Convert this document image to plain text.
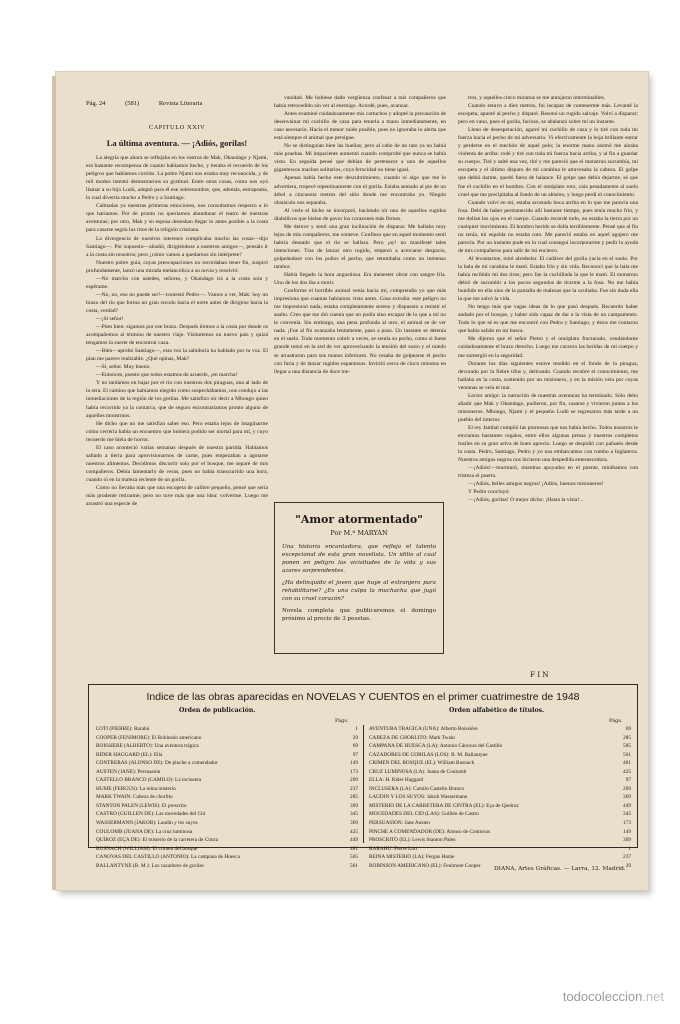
Pág. 24	(581)	Revista Literaria
CAPITULO XXIV
La última aventura. — ¡Adiós, gorilas!

La alegría que ahora se reflejaba en los rostros de Mak, Okandago y Njami, era bastante recompensa de cuanto habíamos hecho, y beraba el recuerdo de los peligros que habíamos corrido. La pobre Njami nos estaba muy reconocida, y de mil modos intentó demostrarnos su gratitud. Entre otras cosas, como nos oyó llamar a su hijo Ludú, adoptó para él ese sobrenombre, que, además, estropeaba, lo cual divertía mucho a Pedro y a Santiago.

Calmadas ya nuestras primeras emociones, nos consultamos respecto a lo que haríamos. Por de pronto no queríamos abandonar el teatro de nuestras aventuras; por otro, Mak y su esposa deseaban llegar lo antes posible a la costa para casarse según los ritos de la religión cristiana.

La divergencia de nuestros intereses complicaba mucho las cosas—dijo Santiago—. Por supuesto—añadió, dirigiéndose a nuestros amigos—, pensáis ir a la costa sin nosotros; pero ¿cómo vamos a quedarnos sin intérprete?

Nuestro pobre guía, cuyas preocupaciones no recordaban tener fin, suspiró profundamente, lanzó una mirada melancólica a su novia y resolvió:

—No marcho con ustedes, señores, y Okandago irá a la costa sola y espérame.

—No, no, eso no puede ser!—contestó Pedro—. Vamos a ver, Mak: hoy un brazo del río que forma un gran recodo hacia el norte antes de dirigirse hacia la costa, verdad?

—¡Sí señor!

—Pues bien: sigamos por ese brazo. Después iremos a la costa por donde os acompañemos al término de nuestro viaje. Visitaremos un nuevo país y quizá tengamos la suerte de encontrar caza.

—Bien—aprobó Santiago—, esta vez la sabiduría ha hablado por tu voz. El plan me parece realizable. ¿Qué opinas, Mak?

—Sí, señor. Muy bueno.

—Entonces, puesto que todos estamos de acuerdo, ¡en marcha!

Y no tardamos en bajar por el río con nuestros dos piraguas, una al lado de la otra. El camino que habíamos elegido como sospechábamos, nos condujo a las inmediaciones de la región de los gorilas. Me satisfizo oír decir a Mbongo quien había recorrido ya la comarca, que de seguro encontraríamos pronto alguno de aquellos monstruos.

He dicho que no me satisfizo saber eso. Pero estaba lejos de imaginarme cómo cerrería había un encuentro que hubiera podido ser mortal para mí, y cuyo recuerdo me hiela de horror.

El caso aconteció varias semanas después de nuestra partida. Habíamos saltado a tierra para aprovisionarnos de carne, pues empezaban a agotarse nuestros alimentos. Decidimos discurrir solo por el bosque, me separé de mis compañeros. Debía lamentarlo de veras, pues no había transcurrido una hora, cuando oí en la maleza reciente de un gorila.

Como no llevaba más que una escopeta de calibre pequeño, pensé que sería más prudente retirarme; pero no tuve más que una idea: volverme. Luego me arrastró una especie de

vanidad. Me hubiese dado vergüenza confesar a mis compañeros que había retrocedido sin ver al enemigo. Acordé, pues, avanzar.

Antes examiné cuidadosamente mis cartuchos y adopté la precaución de desenvainar mi cuchillo de caza para tenerla a mano inmediatamente, en caso necesario. Hacía el menor ruido posible, pues no ignoraba lo alerta que está siempre el animal que persigue.

No se distinguían bien las huellas; pero al cabo de un rato ya no había más pruebas. Mi impaciente aumentó cuando comprobé que nunca se había visto. En seguida pensé que debían de pertenecer a uno de aquellos gigantescos machos solitarios, cuya ferocidad no tiene igual.

Apenas había hecho este descubrimiento, cuando oí algo que me lo advertiera, tropecé repentinamente con el gorila. Estaba sentado al pie de un árbol a cincuenta metros del sitio donde me encontraba yo. Ningún obstáculo nos separaba.

Al verle el bicho se incorporó, haciendo oír uno de aquellos rugidos diabólicos que hielan de pavor los corazones más firmes.

Me detuve y sentí una gran inclinación de disparar. Me hallaba muy lejos de mis compañeros, me conteve. Confieso que en aquel momento sentí habría deseado que el río se hallara. Pero ¡ay! no manifesté tales intenciones. Tras de lanzar otro rugido, empezó a acercarse despacio, golpeándose con los puños el pecho, que retumbaba como un inmenso tambor.

Había llegado la hora angustiosa. Era menester obrar con sangre fría. Uno de los dos iba a morir.

Conforme el horrible animal venía hacia mí, comprendía yo que más impresiona que cuantas habíamos visto antes. Cosa extraña: este peligro no me impresionó nada; estaba completamente sereno y dispuesto a resistir el asalto. Creo que me dió cuenta que no podía sino escapar de lo que a mí no le convenía. Sin embargo, una pena profunda al otro, el animal se de ver nada. ¡Fue al fin avanzaba lentamente, paso a paso. Un instante se detenía en el suelo. Todo momento cubrir a veces, se sentía su pecho, como si fuese grande tomó en la sed de ver aprovechando la tensión del susto y el miedo se arrastraron para sus manos inferiores. No cesaba de golpearse el pecho con furia y de lanzar rugidos espantosos. Invirtió cerca de cinco minutos en llegar a una distancia de doce me-

"Amor atormentado"
Por M.ª MARYAN
Una historia encantadora, que refleja el talento excepcional de esta gran novelista. Un idilio al cual ponen en peligro las vicisitudes de la vida y sus azares sorprendentes.
¿Ha delinquido el joven que huye al extranjero para rehabilitarse? ¿Es una culpa la muchacha que jugó con su cruel corazón?
Novela completa que publicaremos el domingo próximo al precio de 3 pesetas.

tros, y aquellos cinco minutos se me antojaron interminables.

Cuando estuvo a diez metros, fui incapaz de contenerme más. Levanté la escopeta, apunté al pecho y disparé. Resonó un rugido salvaje. Volví a disparar; pero en vano, pues el gorila, furioso, se abalanzó sobre mí un instante.

Lleno de desesperación, agarré mi cuchillo de caza y lo tiré con toda mi fuerza hacia el pecho de mi adversario. Vi efectivamente la hoja brillante entrar y perderse en el mechón de aquel pelo; la enorme mano asomó me alzaba violenta de arriba: rodé y tiré con toda mi fuerza hacia arriba, y al fin a guardar su cuerpo. Tiré y salté una vez, tiré y me pareció que el monstruo sucumbía, mi escopeta y el último disparo de mi carabina le atravesaba la cabeza. El golpe que debió darme, quedó fuera de balance. El golpe que debía dejarme, sé que fue el cuchillo en el hombro. Con el omóplato roto, caía pesadamente al suelo cruel que me precipitaba al fondo de un abismo, y luego perdí el conocimiento.

Cuando volví en mí, estaba acostado boca arriba en lo que me parecía una fosa. Debí de haber permanecido allí bastante tiempo, pues tenía mucho frío, y me dolían los ojos en el cuerpo. Cuando recordé todo, no estaba la tierra por un cualquier movimiento. El hombro herido se dolía terriblemente. Pensé que al fin no tenía, mi espalda no estaba roto. Me pareció estaba en aquel agujero me parecía. Por un instante pude en lo cual conseguí incorporarme y pedir la ayuda de mis compañeros para salir de mi encierro.

Al levantarme, miré alrededor. El cadáver del gorila yacía en el suelo. Por la bala de mi carabina le mató. Estaba frío y sin vida. Reconocí que la bala me había recibido mi dos tiros; pero fue la cuchillada la que le mató. El monstruo debió de sucumbir a los pocos segundos de tirarme a la fosa. No me había hundido en ella sino de la pantalla de malezas que la ocultaba. Fue sin duda ella la que me salvó la vida.

No tengo más que vagas ideas de lo que pasó después. Recuerdo haber andado por el bosque, y haber sido capaz de dar a la vista de un campamento. Todo lo que sé es que me encontré con Pedro y Santiago, y éstos me contaron que había salido en mi busca.

Me dijeron que el señor Pietro y el omóplato fracturado, vendándome cuidadosamente el brazo derecho. Luego me curaron las heridas de mi cuerpo y me sumergió en la seguridad.

Durante los días siguientes estuve tendido en el fondo de la piragua, devorado por la fiebre tifus y, delirando. Cuando recobré el conocimiento, me hallaba en la costa, sostenido por un misionero, y en la misión veía por cuyas ventanas se veía el mar.

Lector amigo: la narración de nuestras aventuras ha terminado. Sólo debo añadir que Mak y Okandago, pudieron, por fin, casarse y vivieron juntos a los misioneros. Mbongo, Njami y el pequeño Ludú se regresaron más tarde a un pueblo del interior.

El rey Jambal cumplió las promesas que nos había hecho. Todos nosotros le enviamos bastantes regalos, entre ellos algunas presas y nuestros completos fusiles en su gran selva de buen aprecio. Luego se despidió con pañuelo desde la costa. Pedro, Santiago, Pedro y yo nos embarcamos con rumbo a Inglaterra. Nuestros amigos negros nos hicieron una despedida enternecedora.

—¡Adiós!—murmuró, mientras apoyados en el puente, mirábamos con tristeza el puerto.

—¡Adiós, belles amigos negros! ¡Adiós, buenos misioneros!

Y Pedro concluyó:

—¡Adiós, gorilas! O mejor dicho: ¡Hasta la vista!...

FIN
Indice de las obras aparecidas en NOVELAS Y CUENTOS en el primer cuatrimestre de 1948
Orden de publicación.	Orden alfabético de títulos.
Págs.	Págs.
LOTI (PIERRE): Rarahú	1
COOPER (FENIMORE): El Robinsón americano	29
BOISSIERE (ALBERTO): Una aventura trágica	69
RIDER HAGGARD (EL): Ella	97
CONTRERAS (ALONSO DE): De pinche a comendador	149
AUSTEN (JANE): Persuasión	173
CASTELLO BRANCO (CAMILO): La inclusera	209
HUME (FERGUS): La reina misterio	237
MARK TWAIN: Cabeza de chorlito	285
STANTON PALEN (LEWIS): El prescrito	309
CASTRO (GUILLEN DE): Las mocedades del Cid	345
WASSERMANN (JAKOB): Laudín y los suyos	369
COULOMB (JUANA DE): La cruz luminosa	425
QUIROZ (EÇA DE): El misterio de la carretera de Cintra	449
BUSNACH (WILLIAM): El crimen del bosque	481
CANOVAS DEL CASTILLO (ANTONIO): La campana de Huesca	505
BALLANTYNE (R. M.): Los cazadores de gorilas	561
AVENTURA TRAGICA (UNA): Alberto Boissière	69
CABEZA DE CHORLITO: Mark Twain	285
CAMPANA DE HUESCA (LA): Antonio Cánovas del Castillo	505
CAZADORES DE GORILAS (LOS): R. M. Ballantyne	561
CRIMEN DEL BOSQUE (EL): William Busnach	481
CRUZ LUMINOSA (LA): Juana de Coulomb	425
ELLA: H. Rider Haggard	97
INCLUSERA (LA): Camilo Castello Branco	209
LAUDIN Y LOS SUYOS: Jakob Wassermann	369
MISTERIO DE LA CARRETERA DE CINTRA (EL): Eça de Queiroz	449
MOCEDADES DEL CID (LAS): Guillén de Castro	345
PERSUASION: Jane Austen	173
PINCHE A COMENDADOR (DE): Alonso de Contreras	149
PROSCRITO (EL): Lewis Stanton Palen	309
RARAHU: Pierre Loti	1
REINA MISTERIO (LA): Fergus Hume	237
ROBINSON AMERICANO (EL): Fenimore Cooper	29
DIANA, Artes Gráficas. — Larra, 12. Madrid.
todocoleccion.net
